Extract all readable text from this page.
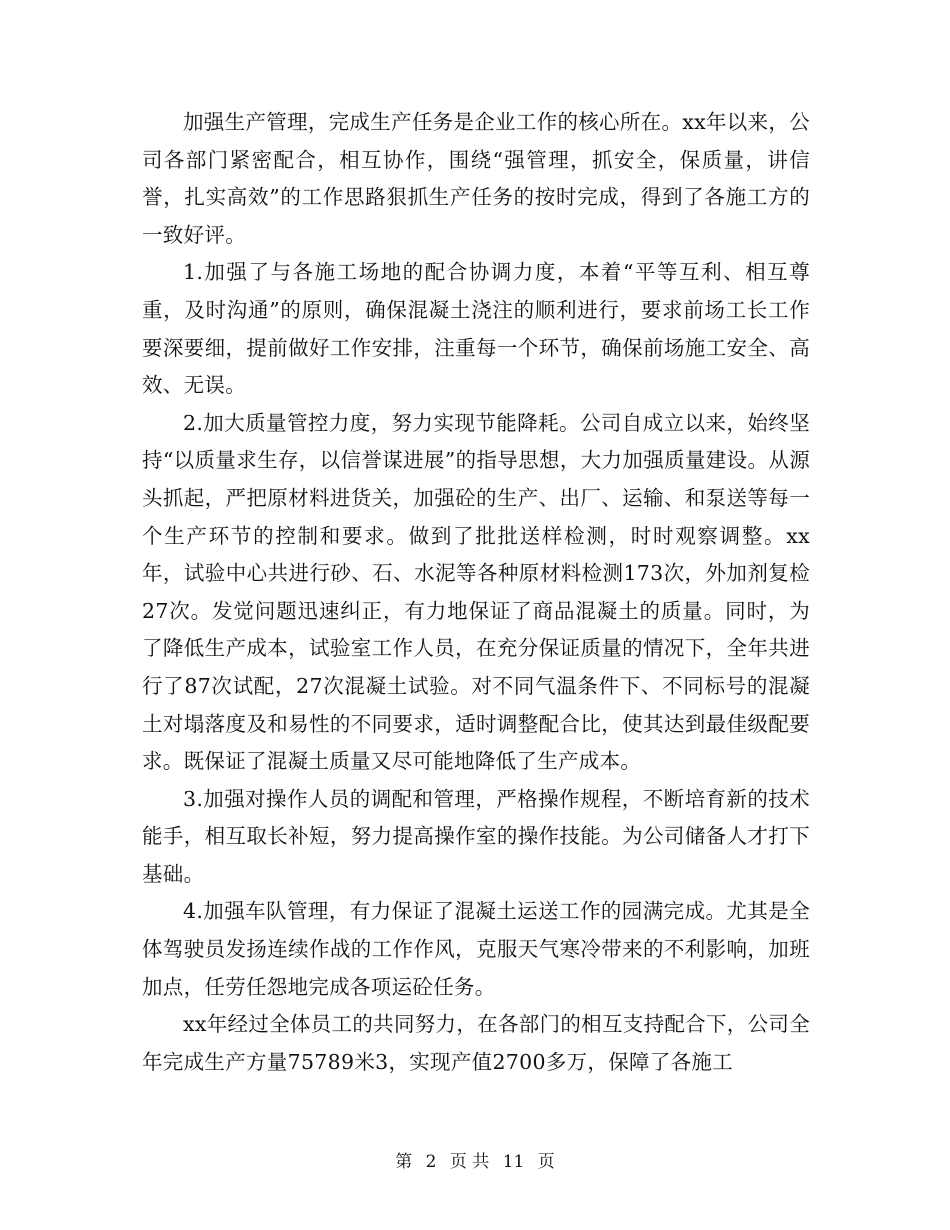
加强生产管理，完成生产任务是企业工作的核心所在。xx年以来，公司各部门紧密配合，相互协作，围绕“强管理，抓安全，保质量，讲信誉，扎实高效”的工作思路狠抓生产任务的按时完成，得到了各施工方的一致好评。

1.加强了与各施工场地的配合协调力度，本着“平等互利、相互尊重，及时沟通”的原则，确保混凝土浇注的顺利进行，要求前场工长工作要深要细，提前做好工作安排，注重每一个环节，确保前场施工安全、高效、无误。

2.加大质量管控力度，努力实现节能降耗。公司自成立以来，始终坚持“以质量求生存，以信誉谋进展”的指导思想，大力加强质量建设。从源头抓起，严把原材料进货关，加强砼的生产、出厂、运输、和泵送等每一个生产环节的控制和要求。做到了批批送样检测，时时观察调整。xx年，试验中心共进行砂、石、水泥等各种原材料检测173次，外加剂复检27次。发觉问题迅速纠正，有力地保证了商品混凝土的质量。同时，为了降低生产成本，试验室工作人员，在充分保证质量的情况下，全年共进行了87次试配，27次混凝土试验。对不同气温条件下、不同标号的混凝土对塌落度及和易性的不同要求，适时调整配合比，使其达到最佳级配要求。既保证了混凝土质量又尽可能地降低了生产成本。

3.加强对操作人员的调配和管理，严格操作规程，不断培育新的技术能手，相互取长补短，努力提高操作室的操作技能。为公司储备人才打下基础。

4.加强车队管理，有力保证了混凝土运送工作的园满完成。尤其是全体驾驶员发扬连续作战的工作作风，克服天气寒冷带来的不利影响，加班加点，任劳任怨地完成各项运砼任务。

xx年经过全体员工的共同努力，在各部门的相互支持配合下，公司全年完成生产方量75789米3，实现产值2700多万，保障了各施工

第 2 页 共 11 页
